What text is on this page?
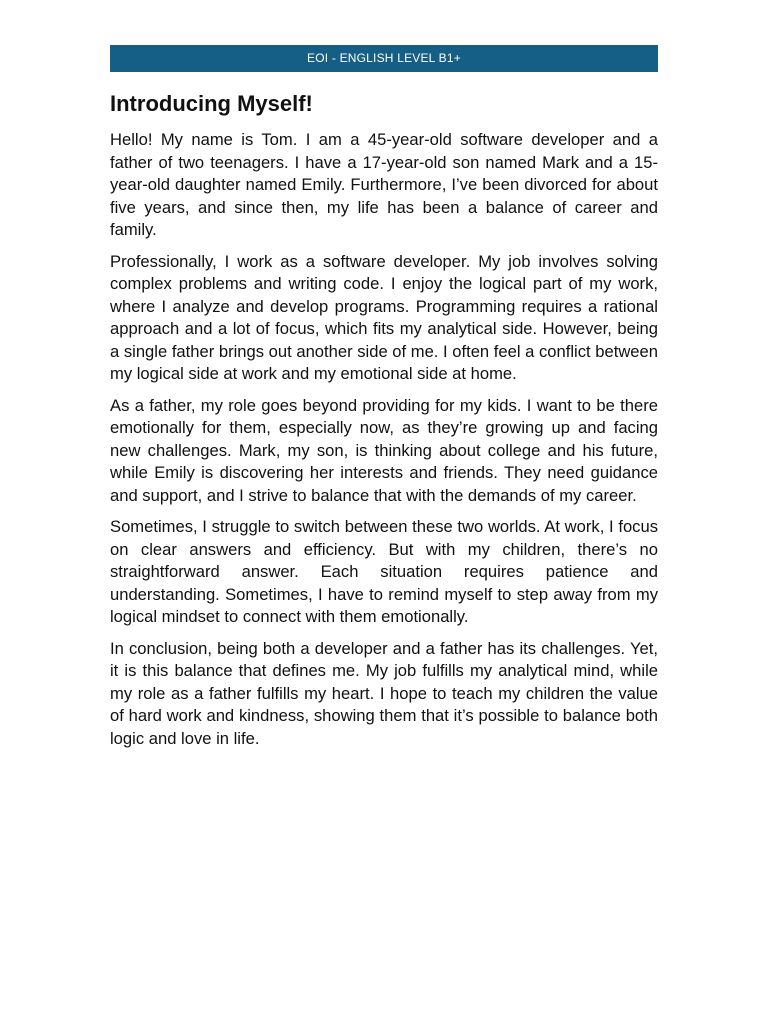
EOI - ENGLISH LEVEL B1+
Introducing Myself!

Hello! My name is Tom. I am a 45-year-old software developer and a father of two teenagers. I have a 17-year-old son named Mark and a 15-year-old daughter named Emily. Furthermore, I’ve been divorced for about five years, and since then, my life has been a balance of career and family.

Professionally, I work as a software developer. My job involves solving complex problems and writing code. I enjoy the logical part of my work, where I analyze and develop programs. Programming requires a rational approach and a lot of focus, which fits my analytical side. However, being a single father brings out another side of me. I often feel a conflict between my logical side at work and my emotional side at home.

As a father, my role goes beyond providing for my kids. I want to be there emotionally for them, especially now, as they’re growing up and facing new challenges. Mark, my son, is thinking about college and his future, while Emily is discovering her interests and friends. They need guidance and support, and I strive to balance that with the demands of my career.

Sometimes, I struggle to switch between these two worlds. At work, I focus on clear answers and efficiency. But with my children, there’s no straightforward answer. Each situation requires patience and understanding. Sometimes, I have to remind myself to step away from my logical mindset to connect with them emotionally.

In conclusion, being both a developer and a father has its challenges. Yet, it is this balance that defines me. My job fulfills my analytical mind, while my role as a father fulfills my heart. I hope to teach my children the value of hard work and kindness, showing them that it’s possible to balance both logic and love in life.
